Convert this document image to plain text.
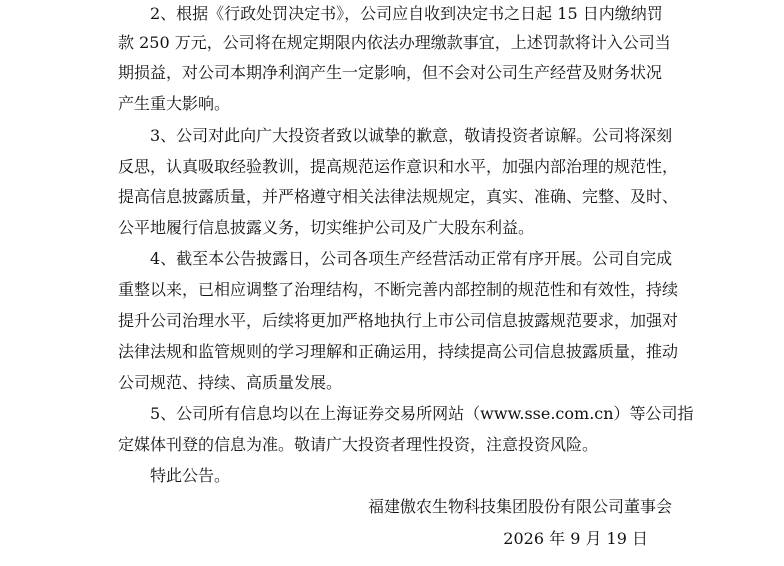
2、根据《行政处罚决定书》，公司应自收到决定书之日起 15 日内缴纳罚
款 250 万元，公司将在规定期限内依法办理缴款事宜，上述罚款将计入公司当
期损益，对公司本期净利润产生一定影响，但不会对公司生产经营及财务状况
产生重大影响。
3、公司对此向广大投资者致以诚挚的歉意，敬请投资者谅解。公司将深刻
反思，认真吸取经验教训，提高规范运作意识和水平，加强内部治理的规范性，
提高信息披露质量，并严格遵守相关法律法规规定，真实、准确、完整、及时、
公平地履行信息披露义务，切实维护公司及广大股东利益。
4、截至本公告披露日，公司各项生产经营活动正常有序开展。公司自完成
重整以来，已相应调整了治理结构，不断完善内部控制的规范性和有效性，持续
提升公司治理水平，后续将更加严格地执行上市公司信息披露规范要求，加强对
法律法规和监管规则的学习理解和正确运用，持续提高公司信息披露质量，推动
公司规范、持续、高质量发展。
5、公司所有信息均以在上海证券交易所网站（www.sse.com.cn）等公司指
定媒体刊登的信息为准。敬请广大投资者理性投资，注意投资风险。
特此公告。
福建傲农生物科技集团股份有限公司董事会
2026 年 9 月 19 日
